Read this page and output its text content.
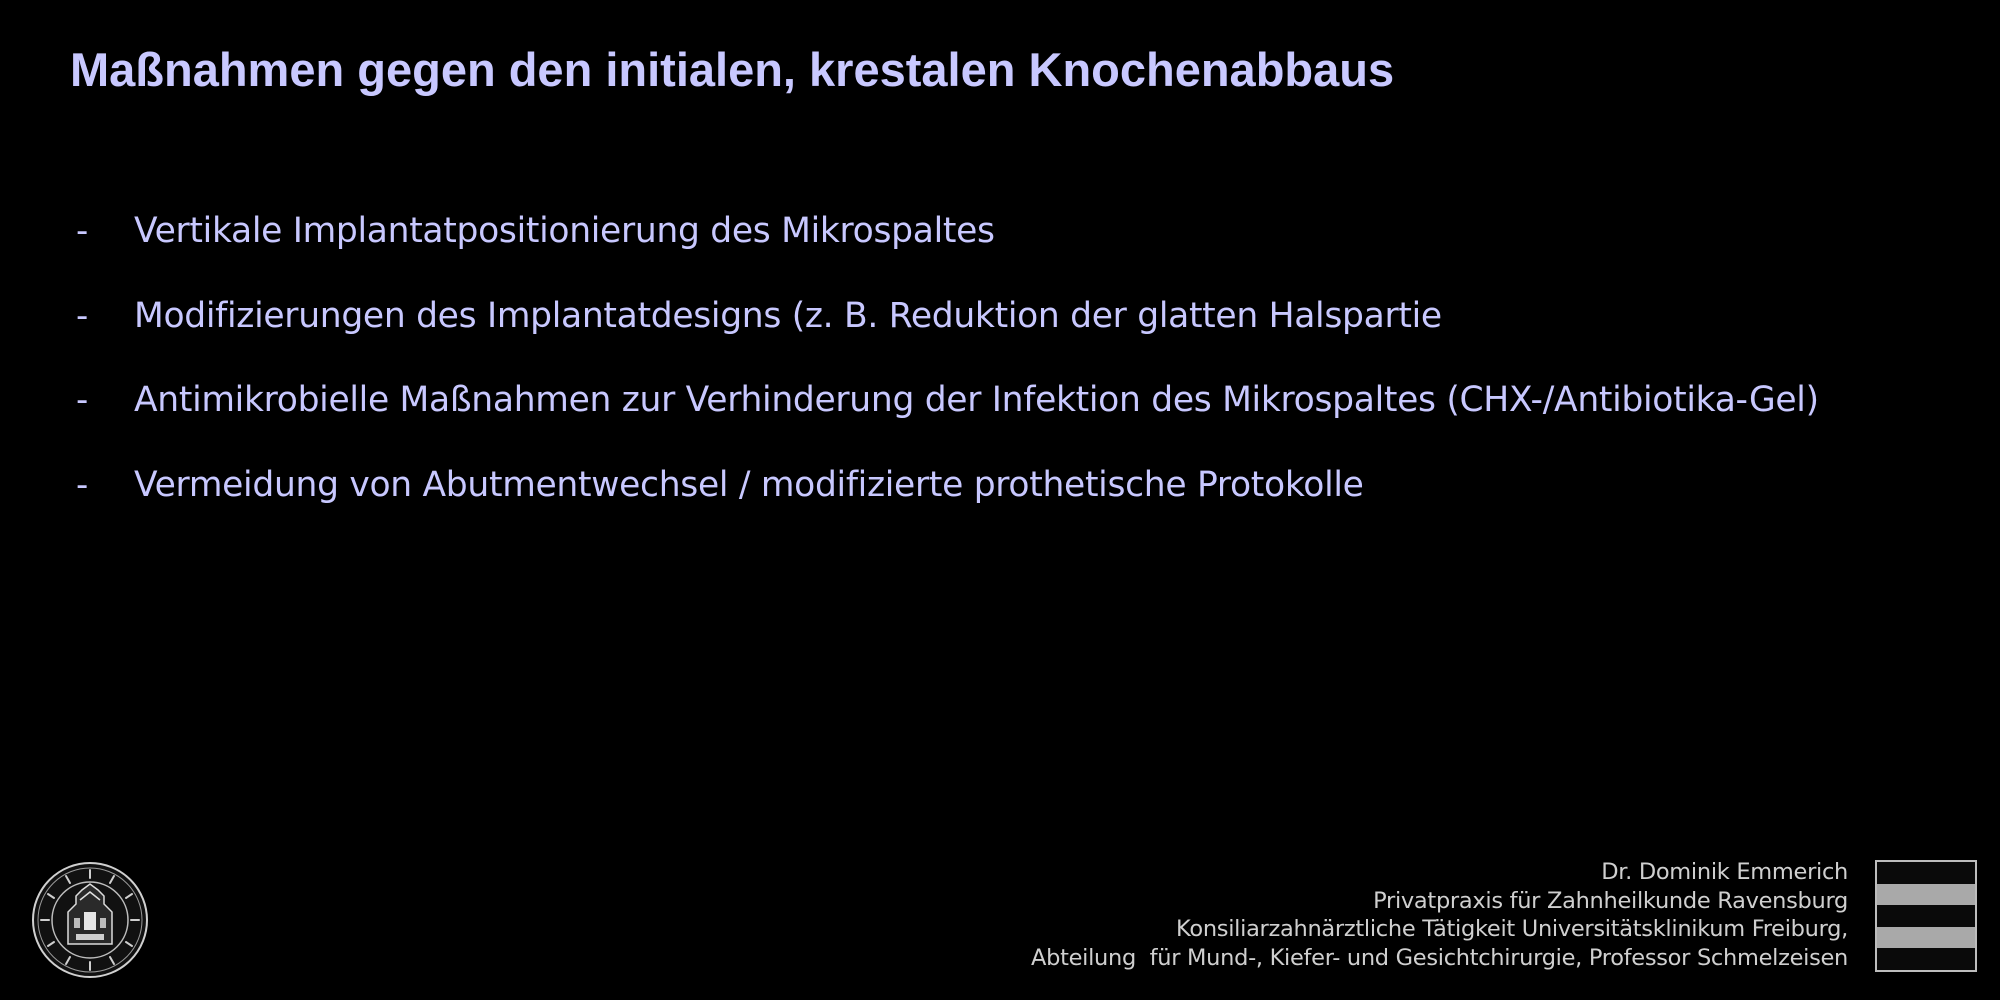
Maßnahmen gegen den initialen, krestalen Knochenabbaus
-	Vertikale Implantatpositionierung des Mikrospaltes
-	Modifizierungen des Implantatdesigns (z. B. Reduktion der glatten Halspartie
-	Antimikrobielle Maßnahmen zur Verhinderung der Infektion des Mikrospaltes (CHX-/Antibiotika-Gel)
-	Vermeidung von Abutmentwechsel / modifizierte prothetische Protokolle
Dr. Dominik Emmerich
Privatpraxis für Zahnheilkunde Ravensburg
Konsiliarzahnärztliche Tätigkeit Universitätsklinikum Freiburg,
Abteilung  für Mund-, Kiefer- und Gesichtchirurgie, Professor Schmelzeisen
